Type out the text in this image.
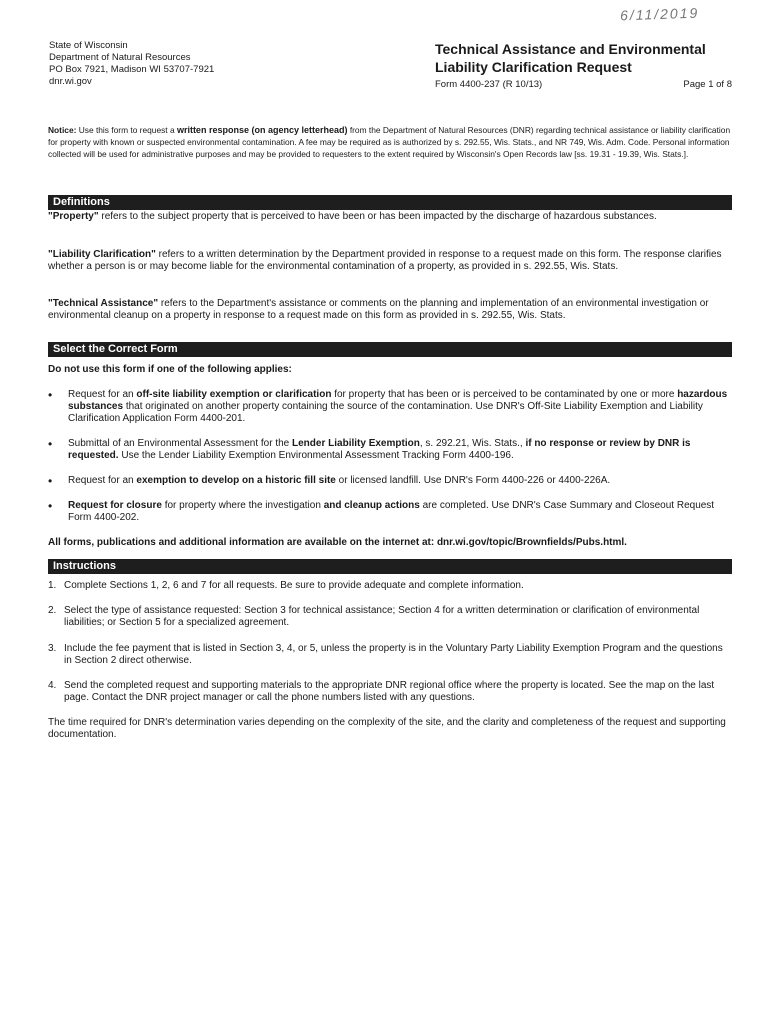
6/11/2019
State of Wisconsin
Department of Natural Resources
PO Box 7921, Madison WI 53707-7921
dnr.wi.gov
Technical Assistance and Environmental
Liability Clarification Request
Form 4400-237 (R 10/13)	Page 1 of 8
Notice: Use this form to request a written response (on agency letterhead) from the Department of Natural Resources (DNR) regarding technical assistance or liability clarification for property with known or suspected environmental contamination. A fee may be required as is authorized by s. 292.55, Wis. Stats., and NR 749, Wis. Adm. Code. Personal information collected will be used for administrative purposes and may be provided to requesters to the extent required by Wisconsin's Open Records law [ss. 19.31 - 19.39, Wis. Stats.].
Definitions
"Property" refers to the subject property that is perceived to have been or has been impacted by the discharge of hazardous substances.
"Liability Clarification" refers to a written determination by the Department provided in response to a request made on this form. The response clarifies whether a person is or may become liable for the environmental contamination of a property, as provided in s. 292.55, Wis. Stats.
"Technical Assistance" refers to the Department's assistance or comments on the planning and implementation of an environmental investigation or environmental cleanup on a property in response to a request made on this form as provided in s. 292.55, Wis. Stats.
Select the Correct Form
Do not use this form if one of the following applies:
• Request for an off-site liability exemption or clarification for property that has been or is perceived to be contaminated by one or more hazardous substances that originated on another property containing the source of the contamination. Use DNR's Off-Site Liability Exemption and Liability Clarification Application Form 4400-201.
• Submittal of an Environmental Assessment for the Lender Liability Exemption, s. 292.21, Wis. Stats., if no response or review by DNR is requested. Use the Lender Liability Exemption Environmental Assessment Tracking Form 4400-196.
• Request for an exemption to develop on a historic fill site or licensed landfill. Use DNR's Form 4400-226 or 4400-226A.
• Request for closure for property where the investigation and cleanup actions are completed. Use DNR's Case Summary and Closeout Request Form 4400-202.
All forms, publications and additional information are available on the internet at: dnr.wi.gov/topic/Brownfields/Pubs.html.
Instructions
1. Complete Sections 1, 2, 6 and 7 for all requests. Be sure to provide adequate and complete information.
2. Select the type of assistance requested: Section 3 for technical assistance; Section 4 for a written determination or clarification of environmental liabilities; or Section 5 for a specialized agreement.
3. Include the fee payment that is listed in Section 3, 4, or 5, unless the property is in the Voluntary Party Liability Exemption Program and the questions in Section 2 direct otherwise.
4. Send the completed request and supporting materials to the appropriate DNR regional office where the property is located. See the map on the last page. Contact the DNR project manager or call the phone numbers listed with any questions.
The time required for DNR's determination varies depending on the complexity of the site, and the clarity and completeness of the request and supporting documentation.
